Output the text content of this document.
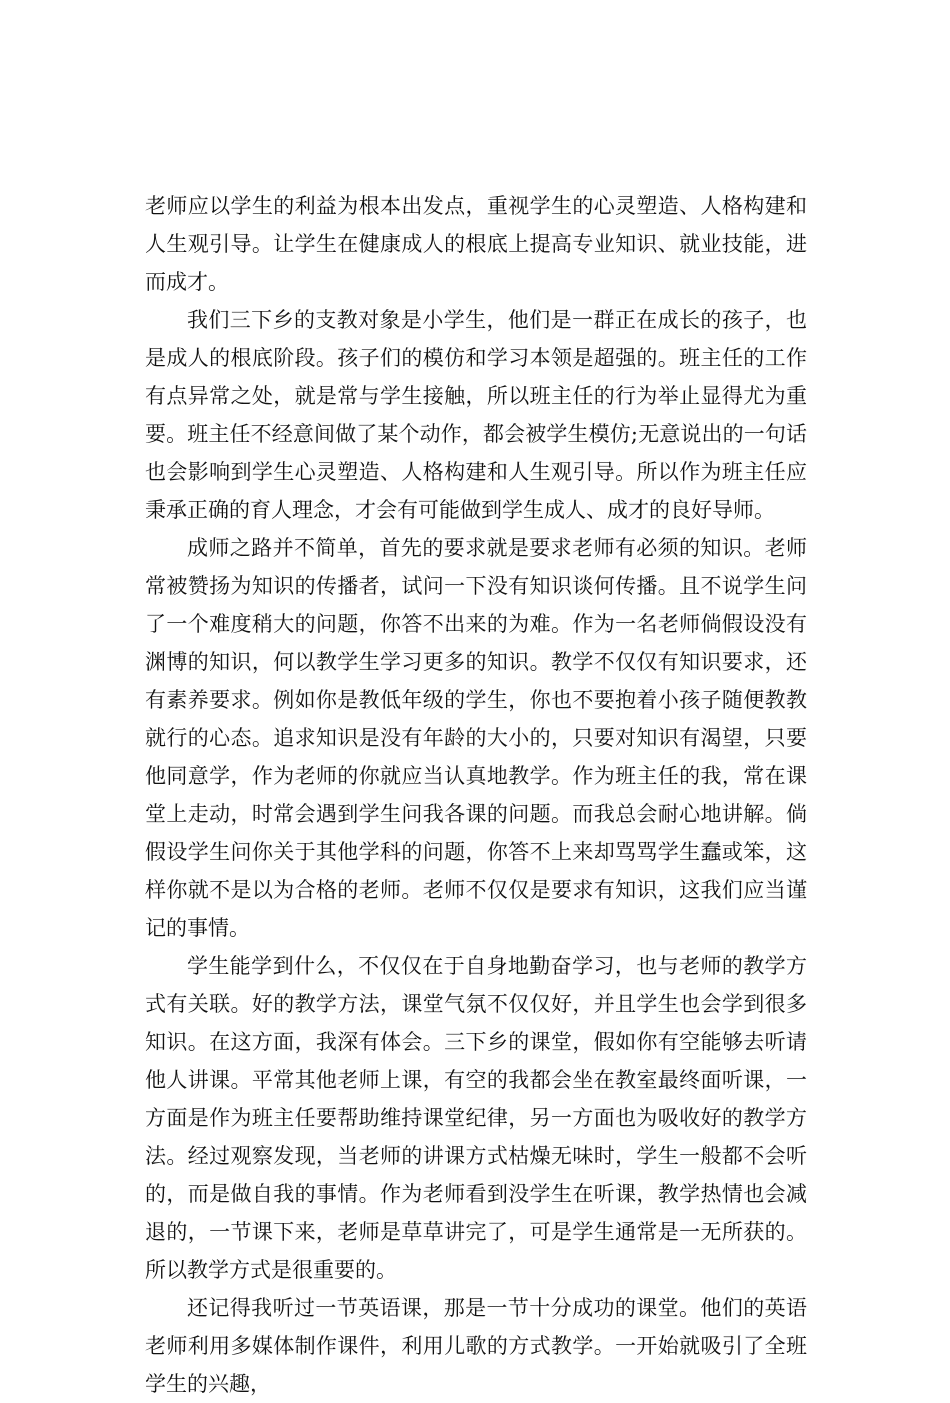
老师应以学生的利益为根本出发点，重视学生的心灵塑造、人格构建和人生观引导。让学生在健康成人的根底上提高专业知识、就业技能，进而成才。

我们三下乡的支教对象是小学生，他们是一群正在成长的孩子，也是成人的根底阶段。孩子们的模仿和学习本领是超强的。班主任的工作有点异常之处，就是常与学生接触，所以班主任的行为举止显得尤为重要。班主任不经意间做了某个动作，都会被学生模仿;无意说出的一句话也会影响到学生心灵塑造、人格构建和人生观引导。所以作为班主任应秉承正确的育人理念，才会有可能做到学生成人、成才的良好导师。

成师之路并不简单，首先的要求就是要求老师有必须的知识。老师常被赞扬为知识的传播者，试问一下没有知识谈何传播。且不说学生问了一个难度稍大的问题，你答不出来的为难。作为一名老师倘假设没有渊博的知识，何以教学生学习更多的知识。教学不仅仅有知识要求，还有素养要求。例如你是教低年级的学生，你也不要抱着小孩子随便教教就行的心态。追求知识是没有年龄的大小的，只要对知识有渴望，只要他同意学，作为老师的你就应当认真地教学。作为班主任的我，常在课堂上走动，时常会遇到学生问我各课的问题。而我总会耐心地讲解。倘假设学生问你关于其他学科的问题，你答不上来却骂骂学生蠢或笨，这样你就不是以为合格的老师。老师不仅仅是要求有知识，这我们应当谨记的事情。

学生能学到什么，不仅仅在于自身地勤奋学习，也与老师的教学方式有关联。好的教学方法，课堂气氛不仅仅好，并且学生也会学到很多知识。在这方面，我深有体会。三下乡的课堂，假如你有空能够去听请他人讲课。平常其他老师上课，有空的我都会坐在教室最终面听课，一方面是作为班主任要帮助维持课堂纪律，另一方面也为吸收好的教学方法。经过观察发现，当老师的讲课方式枯燥无味时，学生一般都不会听的，而是做自我的事情。作为老师看到没学生在听课，教学热情也会减退的，一节课下来，老师是草草讲完了，可是学生通常是一无所获的。所以教学方式是很重要的。

还记得我听过一节英语课，那是一节十分成功的课堂。他们的英语老师利用多媒体制作课件，利用儿歌的方式教学。一开始就吸引了全班学生的兴趣，
